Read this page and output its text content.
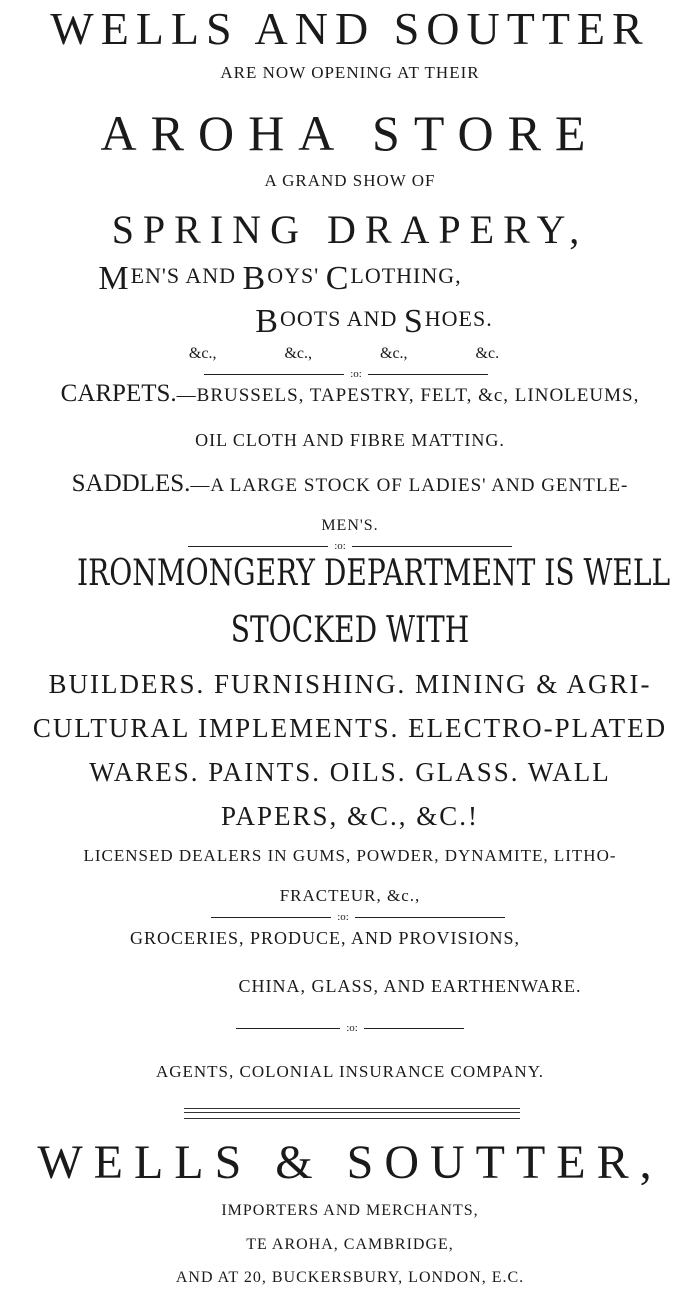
WELLS AND SOUTTER
ARE NOW OPENING AT THEIR
AROHA STORE
A GRAND SHOW OF
SPRING DRAPERY,
MEN'S AND BOYS' CLOTHING,
BOOTS AND SHOES.
&c.,	&c.,	&c.,	&c.
:o:
CARPETS.—BRUSSELS, TAPESTRY, FELT, &c, LINOLEUMS,
OIL CLOTH AND FIBRE MATTING.
SADDLES.—A LARGE STOCK OF LADIES' AND GENTLE-
MEN'S.
:o:
IRONMONGERY DEPARTMENT IS WELL
STOCKED WITH
BUILDERS. FURNISHING. MINING & AGRI-
CULTURAL IMPLEMENTS. ELECTRO-PLATED
WARES. PAINTS. OILS. GLASS. WALL
PAPERS, &C., &C.!
LICENSED DEALERS IN GUMS, POWDER, DYNAMITE, LITHO-
FRACTEUR, &c.,
:o:
GROCERIES, PRODUCE, AND PROVISIONS,
CHINA, GLASS, AND EARTHENWARE.
:o:
AGENTS, COLONIAL INSURANCE COMPANY.
WELLS & SOUTTER,
IMPORTERS AND MERCHANTS,
TE AROHA, CAMBRIDGE,
AND AT 20, BUCKERSBURY, LONDON, E.C.
